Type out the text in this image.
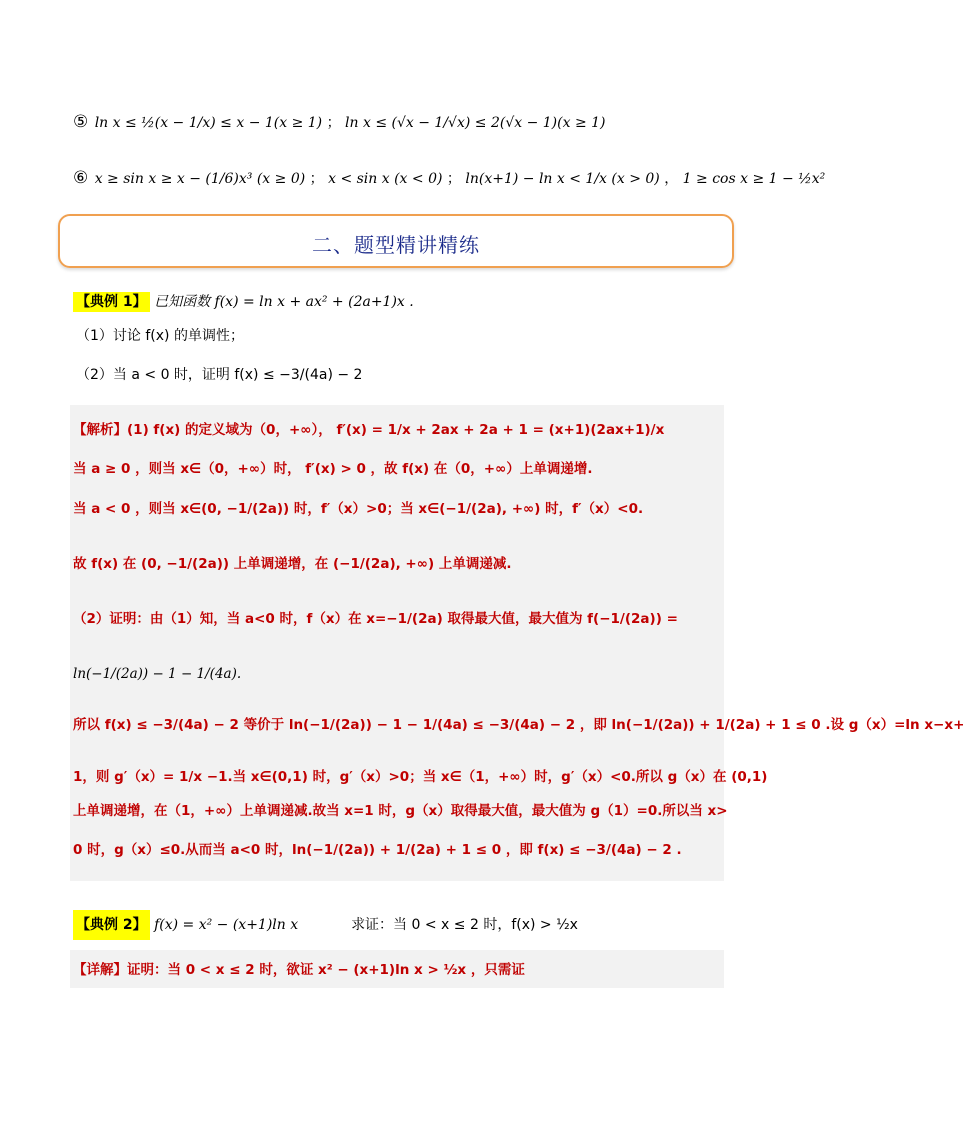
⑤ ln x ≤ ½(x − 1/x) ≤ x − 1(x ≥ 1) ； ln x ≤ (√x − 1/√x) ≤ 2(√x − 1)(x ≥ 1)
⑥ x ≥ sin x ≥ x − (1/6)x³ (x ≥ 0) ； x < sin x (x < 0) ； ln(x+1) − ln x < 1/x (x > 0) ， 1 ≥ cos x ≥ 1 − ½x²
二、题型精讲精练
【典例 1】 已知函数 f(x) = ln x + ax² + (2a+1)x .
（1）讨论 f(x) 的单调性；
（2）当 a < 0 时，证明 f(x) ≤ −3/(4a) − 2
【解析】(1) f(x) 的定义域为（0，+∞）， f′(x) = 1/x + 2ax + 2a + 1 = (x+1)(2ax+1)/x
当 a ≥ 0 ，则当 x∈（0，+∞）时， f′(x) > 0 ，故 f(x) 在（0，+∞）上单调递增.
当 a < 0 ，则当 x∈(0, −1/(2a)) 时，f′（x）>0；当 x∈(−1/(2a), +∞) 时，f′（x）<0.
故 f(x) 在 (0, −1/(2a)) 上单调递增，在 (−1/(2a), +∞) 上单调递减.
（2）证明：由（1）知，当 a<0 时，f（x）在 x=−1/(2a) 取得最大值，最大值为 f(−1/(2a)) =
ln(−1/(2a)) − 1 − 1/(4a).
所以 f(x) ≤ −3/(4a) − 2 等价于 ln(−1/(2a)) − 1 − 1/(4a) ≤ −3/(4a) − 2 ，即 ln(−1/(2a)) + 1/(2a) + 1 ≤ 0 .设 g（x）=ln x−x+
1，则 g′（x）= 1/x −1.当 x∈(0,1) 时，g′（x）>0；当 x∈（1，+∞）时，g′（x）<0.所以 g（x）在 (0,1)
上单调递增，在（1，+∞）上单调递减.故当 x=1 时，g（x）取得最大值，最大值为 g（1）=0.所以当 x>
0 时，g（x）≤0.从而当 a<0 时，ln(−1/(2a)) + 1/(2a) + 1 ≤ 0 ，即 f(x) ≤ −3/(4a) − 2 .
【典例 2】 f(x) = x² − (x+1)ln x	求证：当 0 < x ≤ 2 时，f(x) > ½x
【详解】证明：当 0 < x ≤ 2 时，欲证 x² − (x+1)ln x > ½x ，只需证
